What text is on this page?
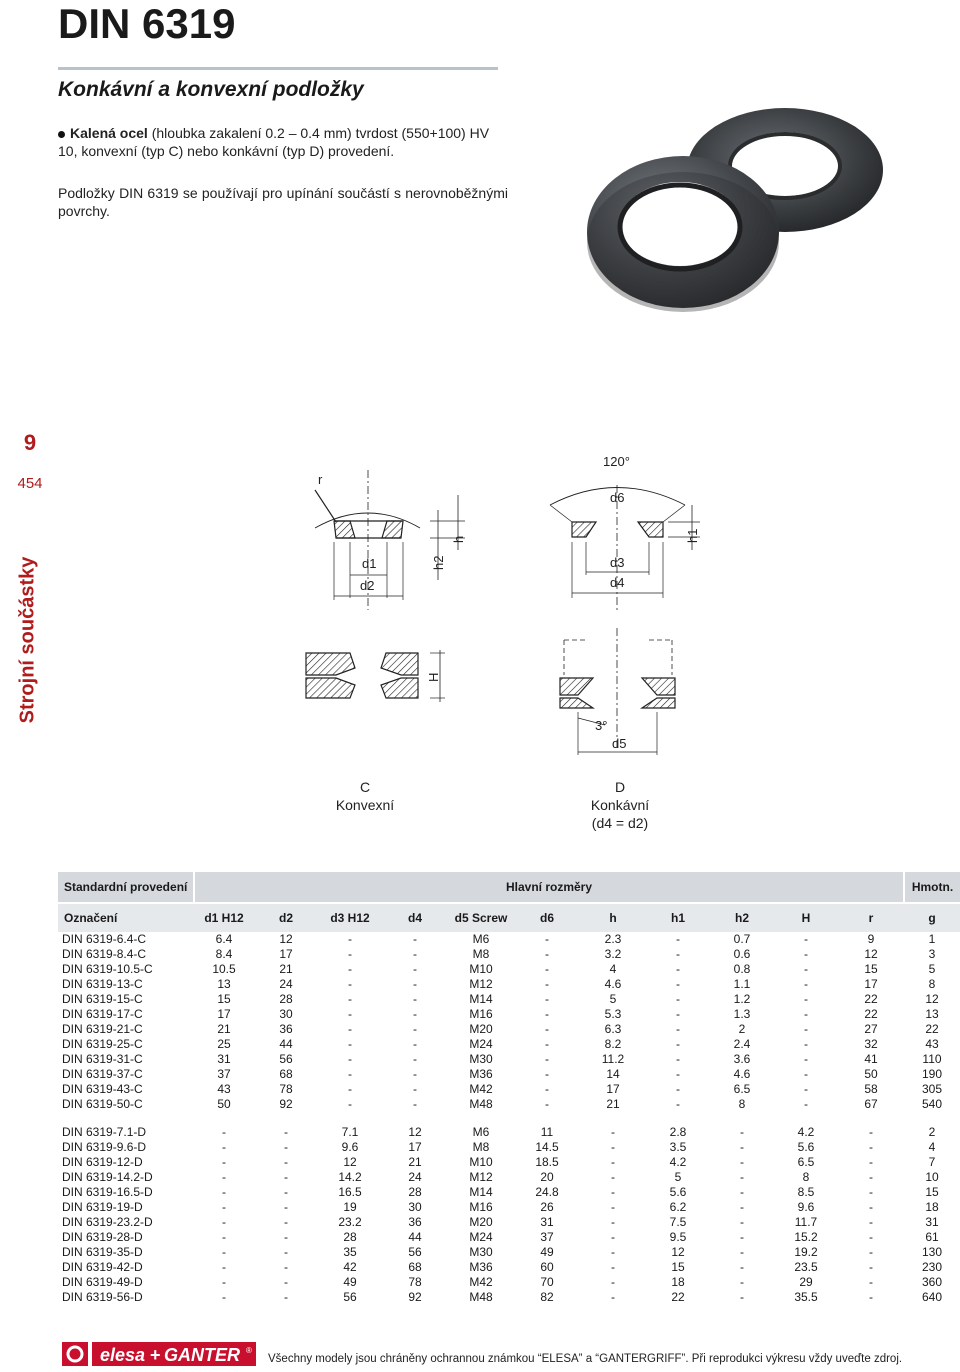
DIN 6319
Konkávní a konvexní podložky
Kalená ocel (hloubka zakalení 0.2 – 0.4 mm) tvrdost (550+100) HV 10, konvexní (typ C) nebo konkávní (typ D) provedení.
Podložky DIN 6319 se používají pro upínání součástí s nerovnoběžnými povrchy.
9
454
Strojní součástky
r
120°
d6
h	h1
h2
d1
d2
d3
d4
H
3°
d5
C
Konvexní
D
Konkávní
(d4 = d2)
Standardní provedení	Hlavní rozměry											Hmotn.
Označení	d1 H12	d2	d3 H12	d4	d5 Screw	d6	h	h1	h2	H	r	g
DIN 6319-6.4-C	6.4	12	-	-	M6	-	2.3	-	0.7	-	9	1
DIN 6319-8.4-C	8.4	17	-	-	M8	-	3.2	-	0.6	-	12	3
DIN 6319-10.5-C	10.5	21	-	-	M10	-	4	-	0.8	-	15	5
DIN 6319-13-C	13	24	-	-	M12	-	4.6	-	1.1	-	17	8
DIN 6319-15-C	15	28	-	-	M14	-	5	-	1.2	-	22	12
DIN 6319-17-C	17	30	-	-	M16	-	5.3	-	1.3	-	22	13
DIN 6319-21-C	21	36	-	-	M20	-	6.3	-	2	-	27	22
DIN 6319-25-C	25	44	-	-	M24	-	8.2	-	2.4	-	32	43
DIN 6319-31-C	31	56	-	-	M30	-	11.2	-	3.6	-	41	110
DIN 6319-37-C	37	68	-	-	M36	-	14	-	4.6	-	50	190
DIN 6319-43-C	43	78	-	-	M42	-	17	-	6.5	-	58	305
DIN 6319-50-C	50	92	-	-	M48	-	21	-	8	-	67	540

DIN 6319-7.1-D	-	-	7.1	12	M6	11	-	2.8	-	4.2	-	2
DIN 6319-9.6-D	-	-	9.6	17	M8	14.5	-	3.5	-	5.6	-	4
DIN 6319-12-D	-	-	12	21	M10	18.5	-	4.2	-	6.5	-	7
DIN 6319-14.2-D	-	-	14.2	24	M12	20	-	5	-	8	-	10
DIN 6319-16.5-D	-	-	16.5	28	M14	24.8	-	5.6	-	8.5	-	15
DIN 6319-19-D	-	-	19	30	M16	26	-	6.2	-	9.6	-	18
DIN 6319-23.2-D	-	-	23.2	36	M20	31	-	7.5	-	11.7	-	31
DIN 6319-28-D	-	-	28	44	M24	37	-	9.5	-	15.2	-	61
DIN 6319-35-D	-	-	35	56	M30	49	-	12	-	19.2	-	130
DIN 6319-42-D	-	-	42	68	M36	60	-	15	-	23.5	-	230
DIN 6319-49-D	-	-	49	78	M42	70	-	18	-	29	-	360
DIN 6319-56-D	-	-	56	92	M48	82	-	22	-	35.5	-	640
elesa + GANTER ®
Všechny modely jsou chráněny ochrannou známkou “ELESA” a “GANTERGRIFF”. Při reprodukci výkresu vždy uveďte zdroj.
